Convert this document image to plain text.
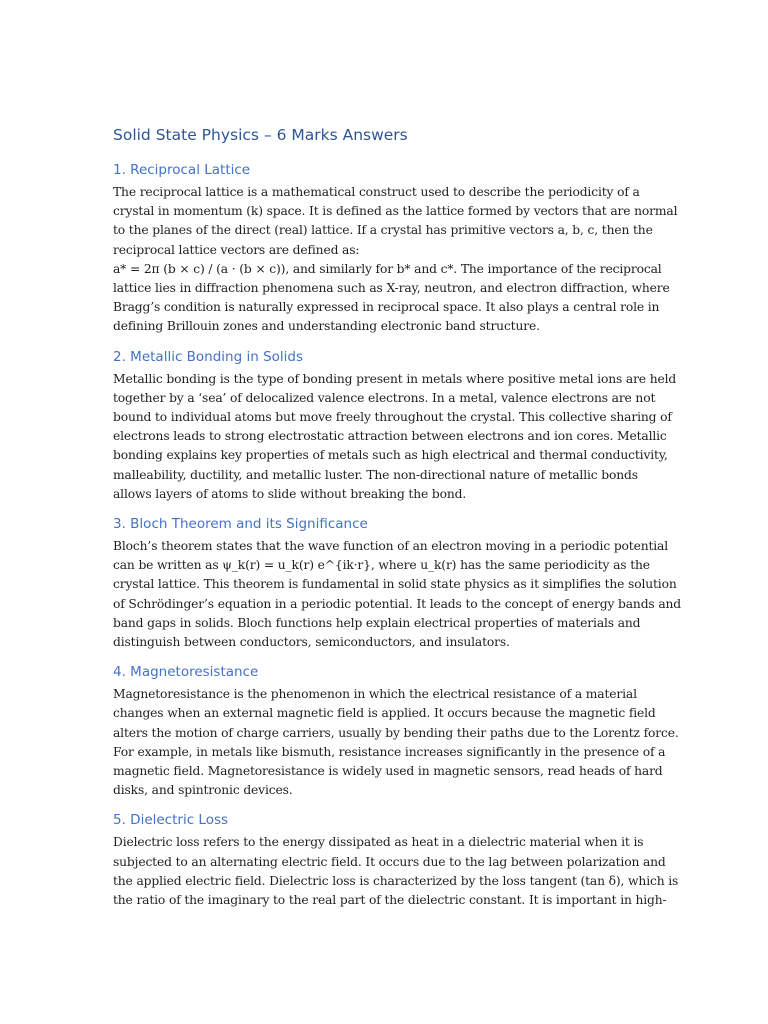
Solid State Physics – 6 Marks Answers
1. Reciprocal Lattice
The reciprocal lattice is a mathematical construct used to describe the periodicity of a
crystal in momentum (k) space. It is defined as the lattice formed by vectors that are normal
to the planes of the direct (real) lattice. If a crystal has primitive vectors a, b, c, then the
reciprocal lattice vectors are defined as:
a* = 2π (b × c) / (a · (b × c)), and similarly for b* and c*. The importance of the reciprocal
lattice lies in diffraction phenomena such as X-ray, neutron, and electron diffraction, where
Bragg’s condition is naturally expressed in reciprocal space. It also plays a central role in
defining Brillouin zones and understanding electronic band structure.
2. Metallic Bonding in Solids
Metallic bonding is the type of bonding present in metals where positive metal ions are held
together by a ‘sea’ of delocalized valence electrons. In a metal, valence electrons are not
bound to individual atoms but move freely throughout the crystal. This collective sharing of
electrons leads to strong electrostatic attraction between electrons and ion cores. Metallic
bonding explains key properties of metals such as high electrical and thermal conductivity,
malleability, ductility, and metallic luster. The non-directional nature of metallic bonds
allows layers of atoms to slide without breaking the bond.
3. Bloch Theorem and its Significance
Bloch’s theorem states that the wave function of an electron moving in a periodic potential
can be written as ψ_k(r) = u_k(r) e^{ik·r}, where u_k(r) has the same periodicity as the
crystal lattice. This theorem is fundamental in solid state physics as it simplifies the solution
of Schrödinger’s equation in a periodic potential. It leads to the concept of energy bands and
band gaps in solids. Bloch functions help explain electrical properties of materials and
distinguish between conductors, semiconductors, and insulators.
4. Magnetoresistance
Magnetoresistance is the phenomenon in which the electrical resistance of a material
changes when an external magnetic field is applied. It occurs because the magnetic field
alters the motion of charge carriers, usually by bending their paths due to the Lorentz force.
For example, in metals like bismuth, resistance increases significantly in the presence of a
magnetic field. Magnetoresistance is widely used in magnetic sensors, read heads of hard
disks, and spintronic devices.
5. Dielectric Loss
Dielectric loss refers to the energy dissipated as heat in a dielectric material when it is
subjected to an alternating electric field. It occurs due to the lag between polarization and
the applied electric field. Dielectric loss is characterized by the loss tangent (tan δ), which is
the ratio of the imaginary to the real part of the dielectric constant. It is important in high-
